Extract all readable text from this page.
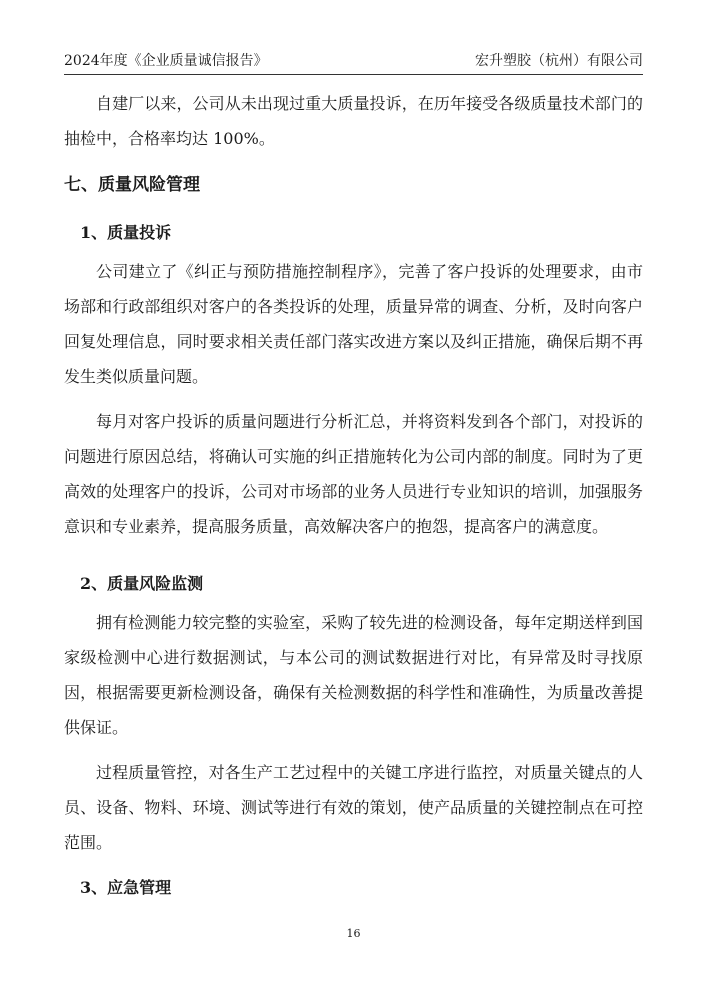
2024年度《企业质量诚信报告》	宏升塑胶（杭州）有限公司

自建厂以来，公司从未出现过重大质量投诉，在历年接受各级质量技术部门的抽检中，合格率均达 100%。

七、质量风险管理
1、质量投诉

公司建立了《纠正与预防措施控制程序》，完善了客户投诉的处理要求，由市场部和行政部组织对客户的各类投诉的处理，质量异常的调查、分析，及时向客户回复处理信息，同时要求相关责任部门落实改进方案以及纠正措施，确保后期不再发生类似质量问题。

每月对客户投诉的质量问题进行分析汇总，并将资料发到各个部门，对投诉的问题进行原因总结，将确认可实施的纠正措施转化为公司内部的制度。同时为了更高效的处理客户的投诉，公司对市场部的业务人员进行专业知识的培训，加强服务意识和专业素养，提高服务质量，高效解决客户的抱怨，提高客户的满意度。

2、质量风险监测

拥有检测能力较完整的实验室，采购了较先进的检测设备，每年定期送样到国家级检测中心进行数据测试，与本公司的测试数据进行对比，有异常及时寻找原因，根据需要更新检测设备，确保有关检测数据的科学性和准确性，为质量改善提供保证。

过程质量管控，对各生产工艺过程中的关键工序进行监控，对质量关键点的人员、设备、物料、环境、测试等进行有效的策划，使产品质量的关键控制点在可控范围。

3、应急管理
16
